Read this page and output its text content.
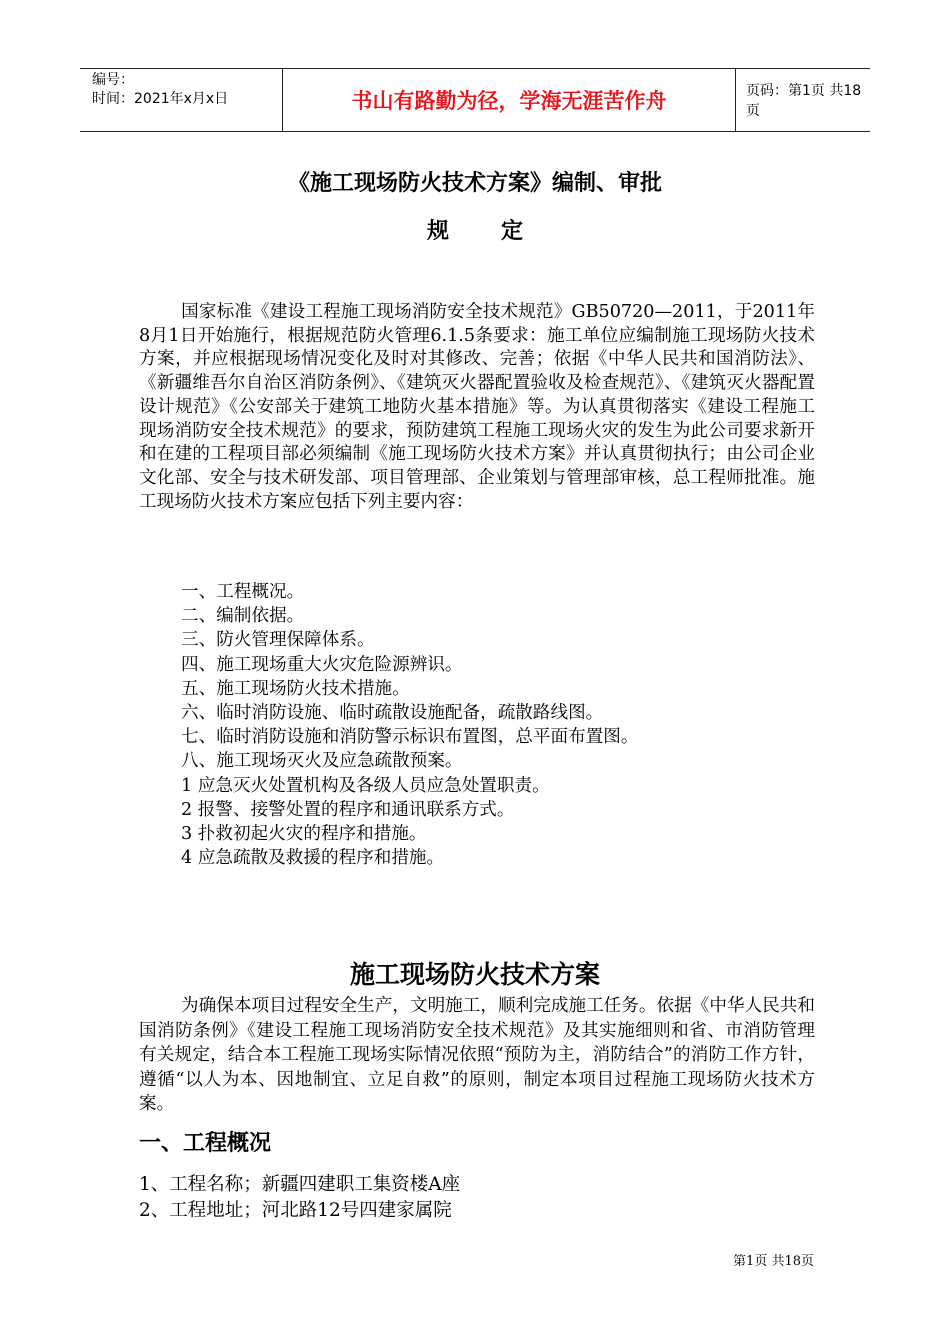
编号：
时间：2021年x月x日	书山有路勤为径，学海无涯苦作舟	页码：第1页 共18页
《施工现场防火技术方案》编制、审批
规定
国家标准《建设工程施工现场消防安全技术规范》GB50720—2011，于2011年8月1日开始施行，根据规范防火管理6.1.5条要求：施工单位应编制施工现场防火技术方案，并应根据现场情况变化及时对其修改、完善；依据《中华人民共和国消防法》、《新疆维吾尔自治区消防条例》、《建筑灭火器配置验收及检查规范》、《建筑灭火器配置设计规范》《公安部关于建筑工地防火基本措施》等。为认真贯彻落实《建设工程施工现场消防安全技术规范》的要求，预防建筑工程施工现场火灾的发生为此公司要求新开和在建的工程项目部必须编制《施工现场防火技术方案》并认真贯彻执行；由公司企业文化部、安全与技术研发部、项目管理部、企业策划与管理部审核，总工程师批准。施工现场防火技术方案应包括下列主要内容：
一、工程概况。
二、编制依据。
三、防火管理保障体系。
四、施工现场重大火灾危险源辨识。
五、施工现场防火技术措施。
六、临时消防设施、临时疏散设施配备，疏散路线图。
七、临时消防设施和消防警示标识布置图，总平面布置图。
八、施工现场灭火及应急疏散预案。
1 应急灭火处置机构及各级人员应急处置职责。
2 报警、接警处置的程序和通讯联系方式。
3 扑救初起火灾的程序和措施。
4 应急疏散及救援的程序和措施。
施工现场防火技术方案
为确保本项目过程安全生产，文明施工，顺利完成施工任务。依据《中华人民共和国消防条例》《建设工程施工现场消防安全技术规范》及其实施细则和省、市消防管理有关规定，结合本工程施工现场实际情况依照“预防为主，消防结合”的消防工作方针，遵循“以人为本、因地制宜、立足自救”的原则，制定本项目过程施工现场防火技术方案。
一、工程概况
1、工程名称；新疆四建职工集资楼A座
2、工程地址；河北路12号四建家属院
第1页 共18页
